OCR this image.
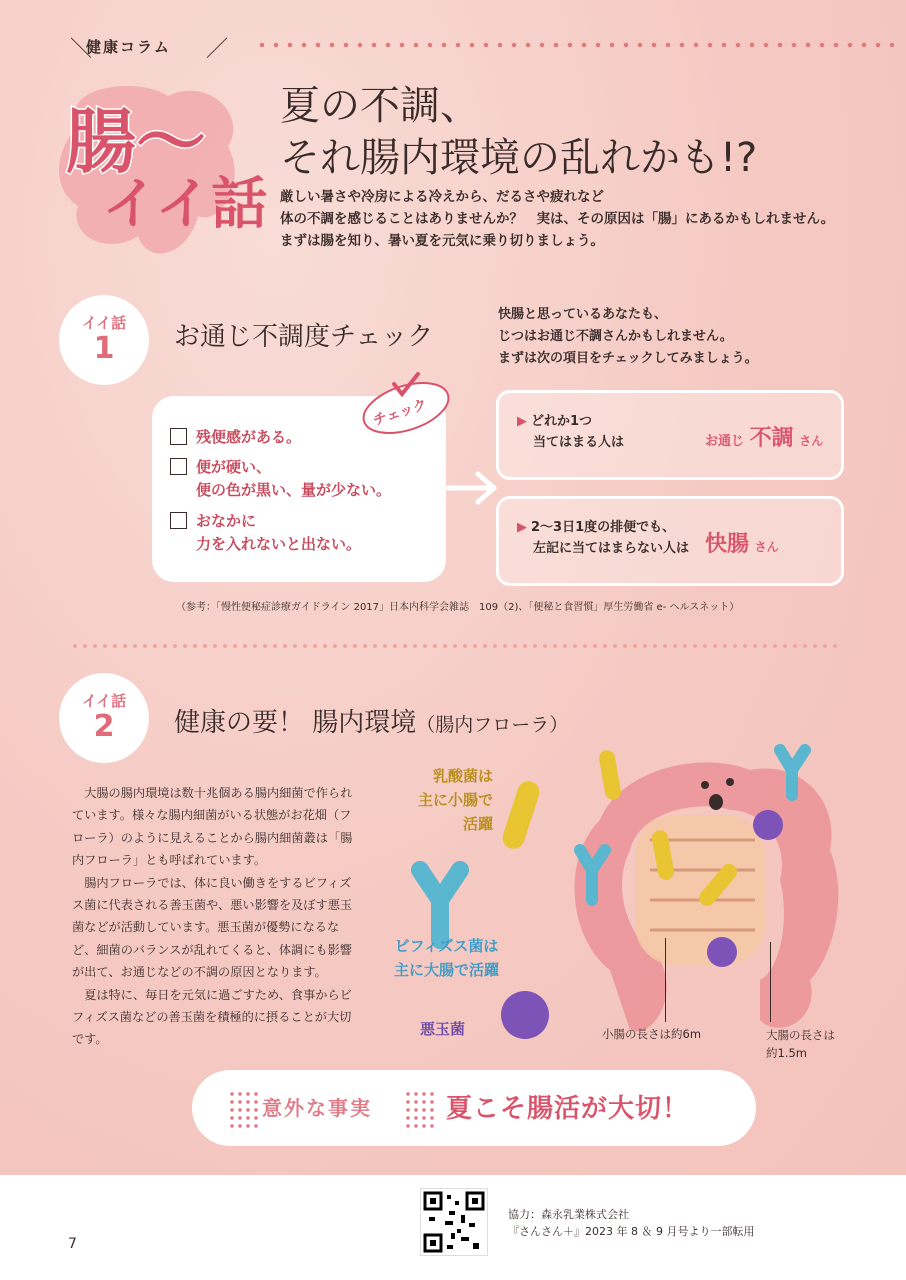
＼
健康コラム ／
腸～
イイ話
夏の不調、
それ腸内環境の乱れかも!?
厳しい暑さや冷房による冷えから、だるさや疲れなど
体の不調を感じることはありませんか？　実は、その原因は「腸」にあるかもしれません。
まずは腸を知り、暑い夏を元気に乗り切りましょう。
イイ話
1	お通じ不調度チェック
快腸と思っているあなたも、
じつはお通じ不調さんかもしれません。
まずは次の項目をチェックしてみましょう。
残便感がある。
便が硬い、
便の色が黒い、量が少ない。
おなかに
力を入れないと出ない。
チェック	▶ どれか1つ
当てはまる人は	お通じ 不調 さん
▶ 2～3日1度の排便でも、
左記に当てはまらない人は 快腸 さん
（参考：「慢性便秘症診療ガイドライン 2017」日本内科学会雑誌　109（2)、「便秘と食習慣」厚生労働省 e- ヘルスネット）
イイ話
2	健康の要！ 腸内環境（腸内フローラ）

大腸の腸内環境は数十兆個ある腸内細菌で作られています。様々な腸内細菌がいる状態がお花畑（フローラ）のように見えることから腸内細菌叢は「腸内フローラ」とも呼ばれています。

腸内フローラでは、体に良い働きをするビフィズス菌に代表される善玉菌や、悪い影響を及ぼす悪玉菌などが活動しています。悪玉菌が優勢になるなど、細菌のバランスが乱れてくると、体調にも影響が出て、お通じなどの不調の原因となります。

夏は特に、毎日を元気に過ごすため、食事からビフィズス菌などの善玉菌を積極的に摂ることが大切です。

乳酸菌は
主に小腸で
活躍
ビフィズス菌は
主に大腸で活躍
悪玉菌	小腸の長さは約6m	大腸の長さは
約1.5m
意外な事実	夏こそ腸活が大切！
協力：森永乳業株式会社
『さんさん＋』2023 年 8 ＆ 9 月号より一部転用
7
